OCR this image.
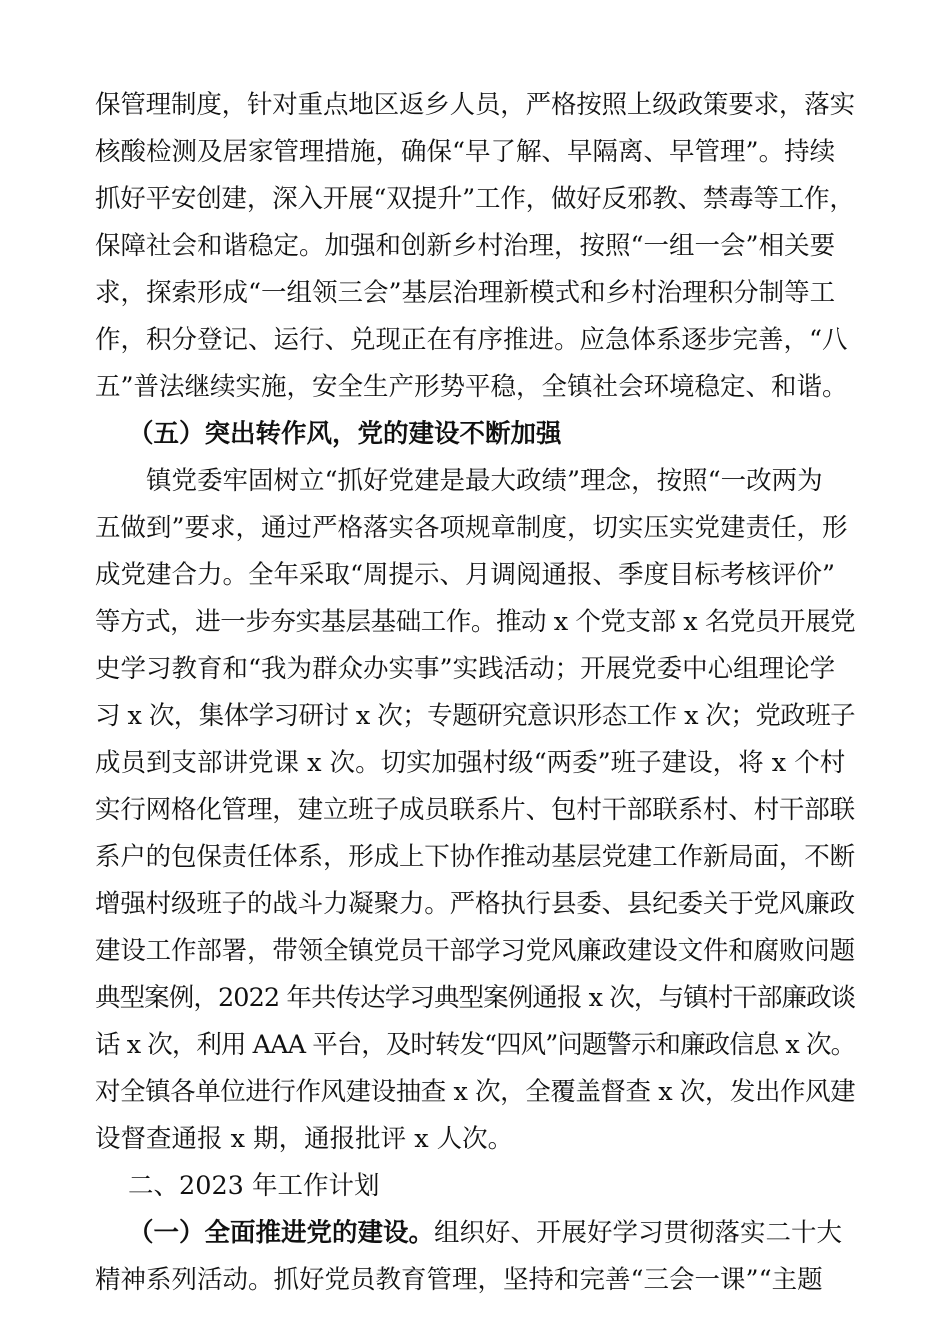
保管理制度，针对重点地区返乡人员，严格按照上级政策要求，落实

核酸检测及居家管理措施，确保“早了解、早隔离、早管理”。持续

抓好平安创建，深入开展“双提升”工作，做好反邪教、禁毒等工作，

保障社会和谐稳定。加强和创新乡村治理，按照“一组一会”相关要

求，探索形成“一组领三会”基层治理新模式和乡村治理积分制等工

作，积分登记、运行、兑现正在有序推进。应急体系逐步完善，“八

五”普法继续实施，安全生产形势平稳，全镇社会环境稳定、和谐。

（五）突出转作风，党的建设不断加强

镇党委牢固树立“抓好党建是最大政绩”理念，按照“一改两为

五做到”要求，通过严格落实各项规章制度，切实压实党建责任，形

成党建合力。全年采取“周提示、月调阅通报、季度目标考核评价”

等方式，进一步夯实基层基础工作。推动 x 个党支部 x 名党员开展党

史学习教育和“我为群众办实事”实践活动；开展党委中心组理论学

习 x 次，集体学习研讨 x 次；专题研究意识形态工作 x 次；党政班子

成员到支部讲党课 x 次。切实加强村级“两委”班子建设，将 x 个村

实行网格化管理，建立班子成员联系片、包村干部联系村、村干部联

系户的包保责任体系，形成上下协作推动基层党建工作新局面，不断

增强村级班子的战斗力凝聚力。严格执行县委、县纪委关于党风廉政

建设工作部署，带领全镇党员干部学习党风廉政建设文件和腐败问题

典型案例，2022 年共传达学习典型案例通报 x 次，与镇村干部廉政谈

话 x 次，利用 AAA 平台，及时转发“四风”问题警示和廉政信息 x 次。

对全镇各单位进行作风建设抽查 x 次，全覆盖督查 x 次，发出作风建

设督查通报 x 期，通报批评 x 人次。

二、2023 年工作计划

（一）全面推进党的建设。组织好、开展好学习贯彻落实二十大

精神系列活动。抓好党员教育管理，坚持和完善“三会一课”“主题
